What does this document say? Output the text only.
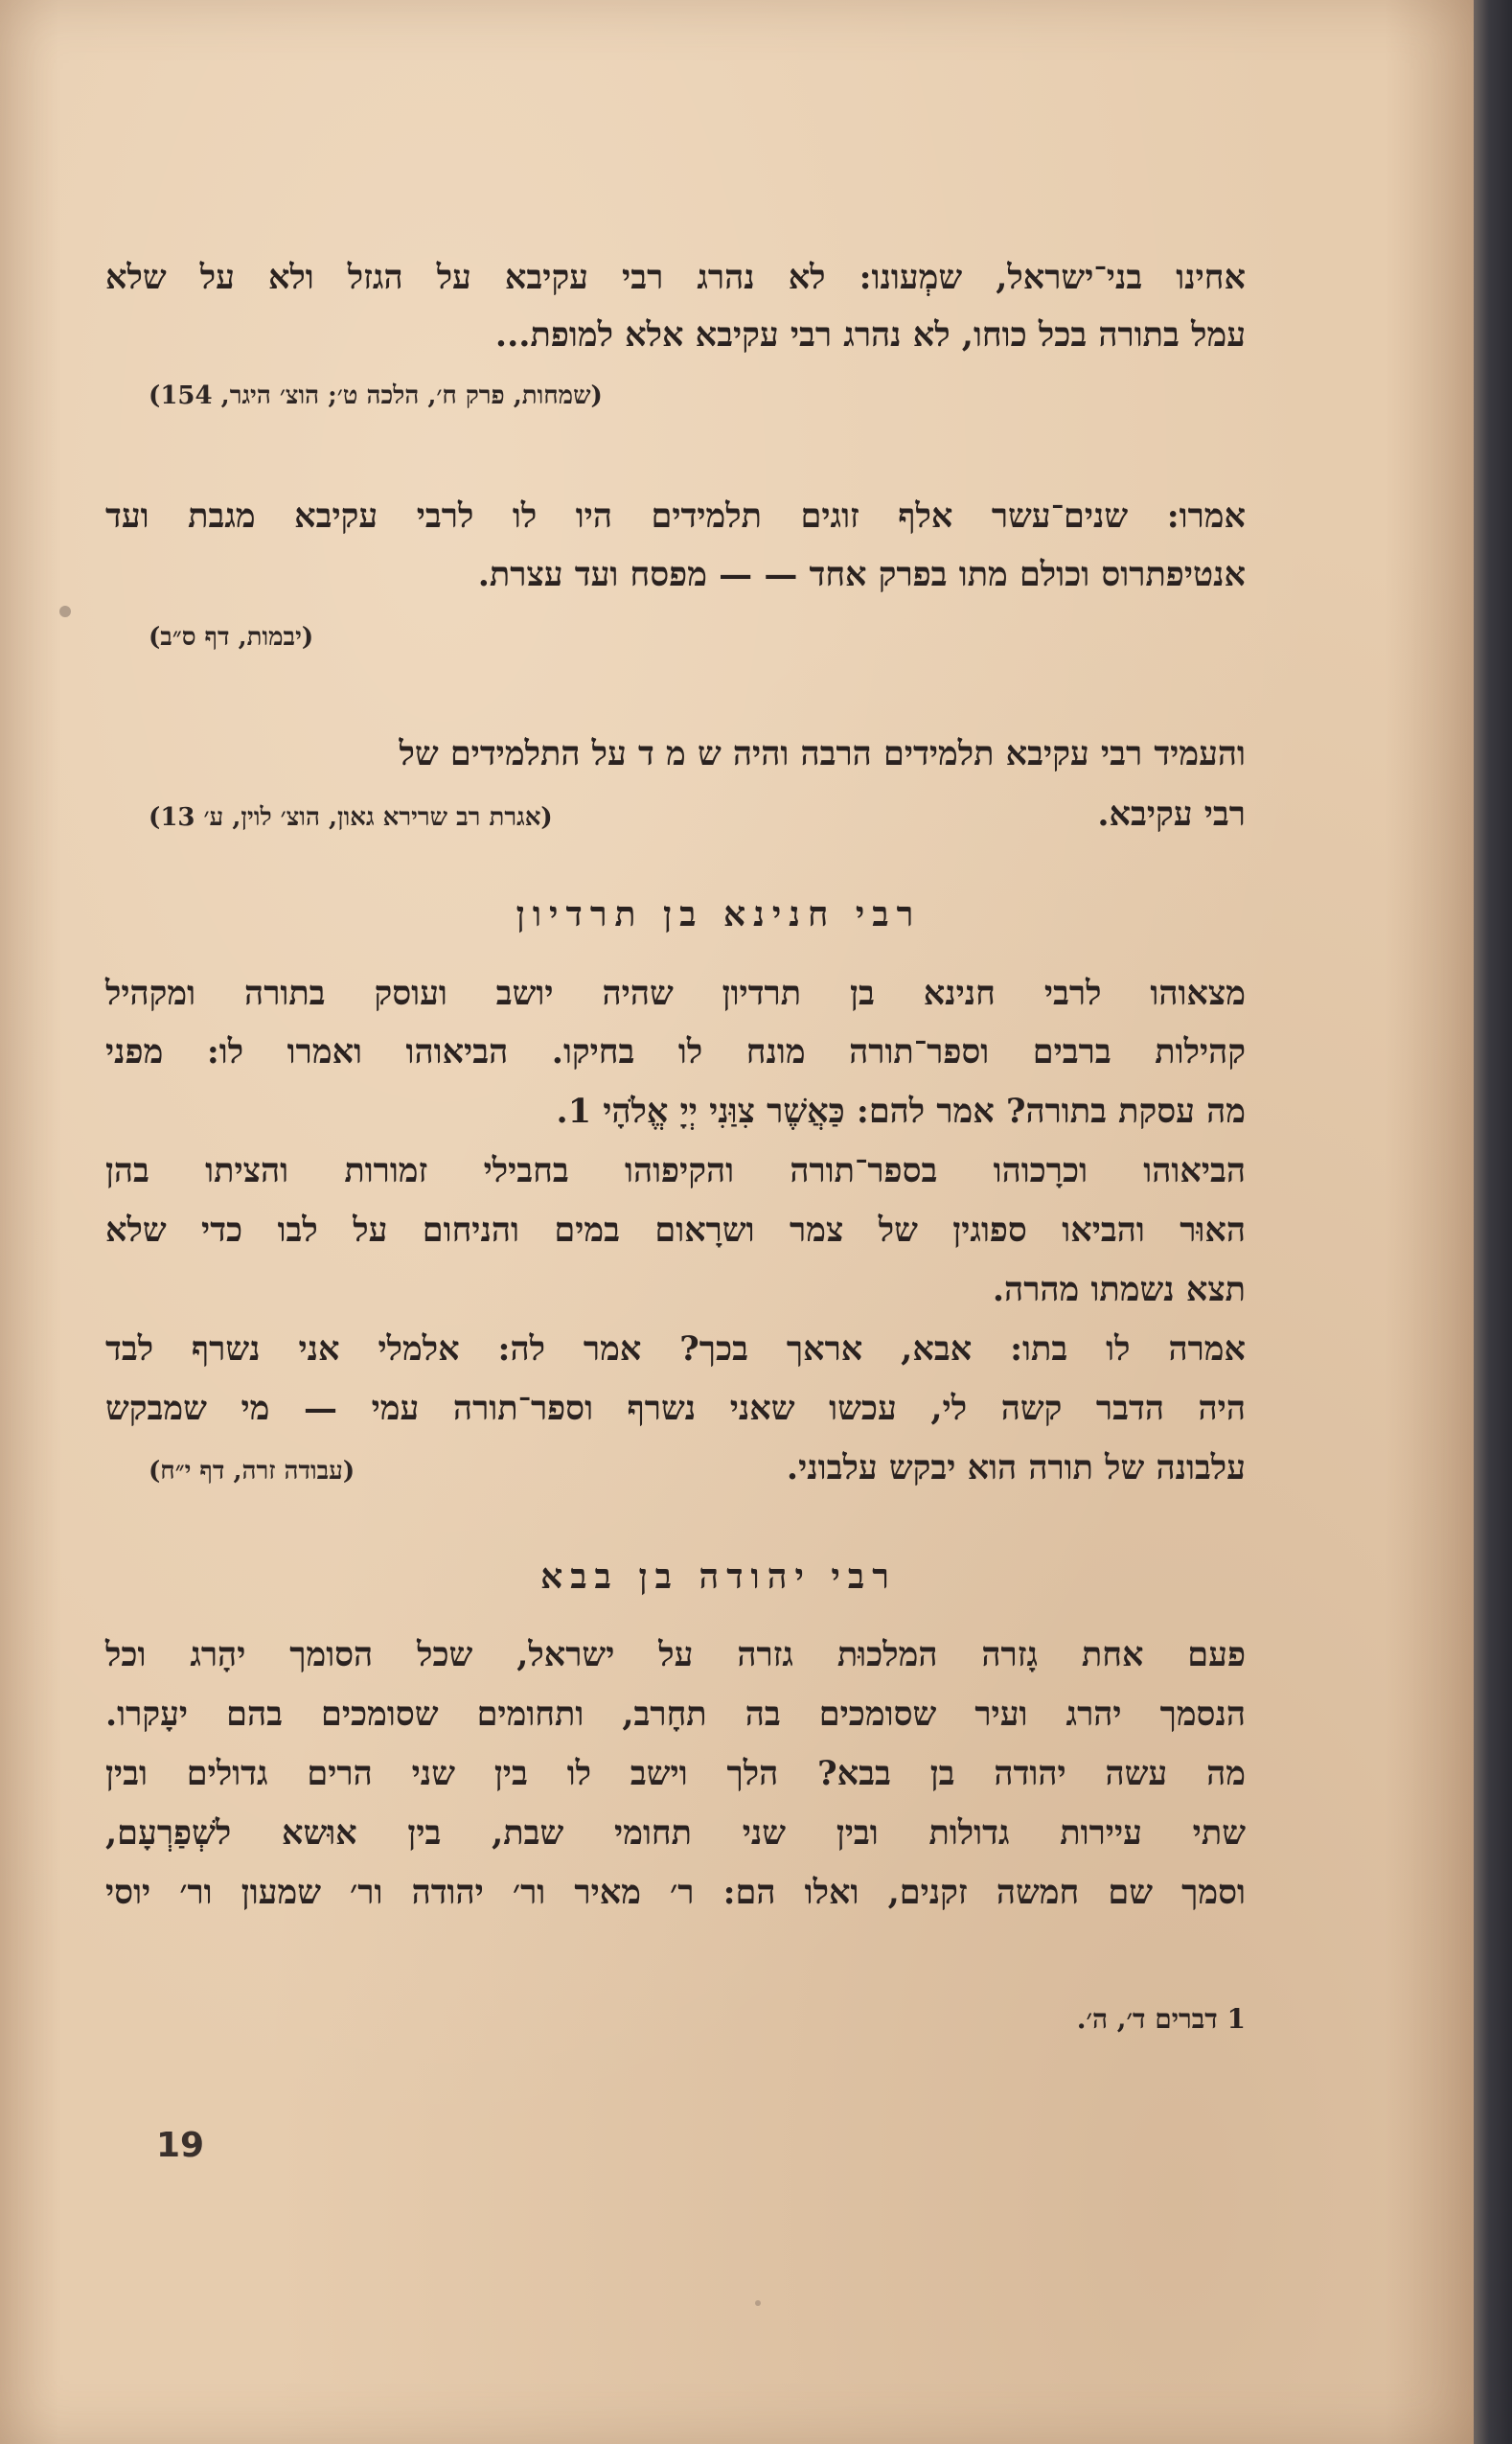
אחינו בני־ישראל, שמְעונו: לא נהרג רבי עקיבא על הגזל ולא על שלא
עמל בתורה בכל כוחו, לא נהרג רבי עקיבא אלא למופת...
(שמחות, פרק ח׳, הלכה ט׳; הוצ׳ היגר, 154)
אמרו: שנים־עשר אלף זוגים תלמידים היו לו לרבי עקיבא מגבת ועד
אנטיפתרוס וכולם מתו בפרק אחד — — מפסח ועד עצרת.
(יבמות, דף ס״ב)
והעמיד רבי עקיבא תלמידים הרבה והיה ש מ ד על התלמידים של
רבי עקיבא.
(אגרת רב שרירא גאון, הוצ׳ לוין, ע׳ 13)
רבי חנינא בן תרדיון
מצאוהו לרבי חנינא בן תרדיון שהיה יושב ועוסק בתורה ומקהיל
קהילות ברבים וספר־תורה מונח לו בחיקו. הביאוהו ואמרו לו: מפני
מה עסקת בתורה? אמר להם: כַּאֲשֶׁר צִוַּנִי יְיָ אֱלֹהָי 1.
הביאוהו וכרָכוהו בספר־תורה והקיפוהו בחבילי זמורות והציתו בהן
האוּר והביאו ספוגין של צמר ושרָאום במים והניחום על לבו כדי שלא
תצא נשמתו מהרה.
אמרה לו בתו: אבא, אראך בכך? אמר לה: אלמלי אני נשרף לבד
היה הדבר קשה לי, עכשו שאני נשרף וספר־תורה עמי — מי שמבקש
עלבונה של תורה הוא יבקש עלבוני.
(עבודה זרה, דף י״ח)
רבי יהודה בן בבא
פעם אחת גָזרה המלכוּת גזרה על ישראל, שכל הסומך יהָרג וכל
הנסמך יהרג ועיר שסומכים בה תחָרב, ותחומים שסומכים בהם יעָקרו.
מה עשה יהודה בן בבא? הלך וישב לו בין שני הרים גדולים ובין
שתי עיירות גדולות ובין שני תחומי שבת, בין אוּשא לשְׁפַרְעָם,
וסמך שם חמשה זקנים, ואלו הם: ר׳ מאיר ור׳ יהודה ור׳ שמעון ור׳ יוסי
1 דברים ד׳, ה׳.
19
